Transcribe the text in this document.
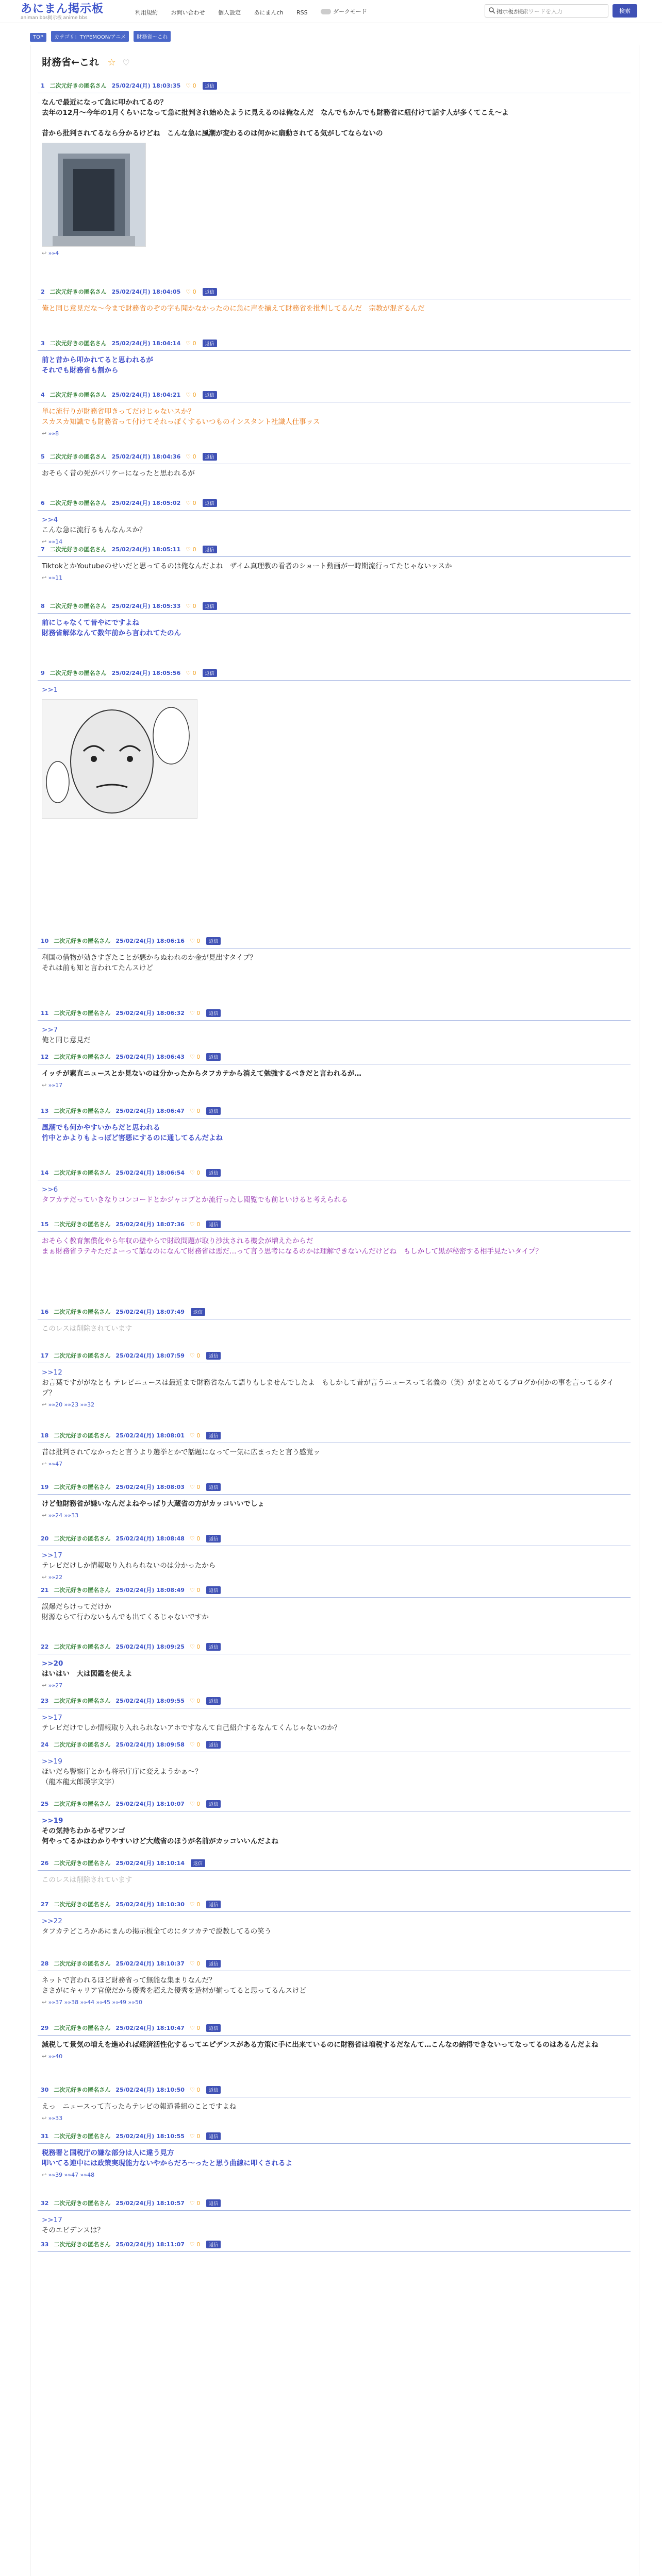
あにまん掲示板
animan bbs掲示板 anime bbs
利用規約 お問い合わせ 個人設定 あにまんch RSS	ダークモード	掲示板から
検索ワードを入力	検索
TOP カテゴリ：TYPEMOON/アニメ 財務省～これ
財務省←これ ☆ ♡
1 二次元好きの匿名さん 25/02/24(月) 18:03:35 ♡ 0 返信
なんで最近になって急に叩かれてるの？
去年の12月～今年の1月くらいになって急に批判され始めたように見えるのは俺なんだ　なんでもかんでも財務省に紐付けて話す人が多くてこえ～よ
昔から批判されてるなら分かるけどね　こんな急に風潮が変わるのは何かに扇動されてる気がしてならないの
↩ »»4
2 二次元好きの匿名さん 25/02/24(月) 18:04:05 ♡ 0 返信
俺と同じ意見だな～今まで財務省のぞの字も聞かなかったのに急に声を揃えて財務省を批判してるんだ　宗教が混ざるんだ
3 二次元好きの匿名さん 25/02/24(月) 18:04:14 ♡ 0 返信
前と昔から叩かれてると思われるが
それでも財務省も割から
4 二次元好きの匿名さん 25/02/24(月) 18:04:21 ♡ 0 返信
単に流行りが財務省叩きってだけじゃないスか？
スカスカ知識でも財務省って付けてそれっぽくするいつものインスタント社識人仕事ッス
↩ »»8
5 二次元好きの匿名さん 25/02/24(月) 18:04:36 ♡ 0 返信
おそらく昔の死がバリケーになったと思われるが
6 二次元好きの匿名さん 25/02/24(月) 18:05:02 ♡ 0 返信
>>4
こんな急に流行るもんなんスか？
↩ »»14
7 二次元好きの匿名さん 25/02/24(月) 18:05:11 ♡ 0 返信
TiktokとかYoutubeのせいだと思ってるのは俺なんだよね　ザイム真理教の看者のショート動画が一時期流行ってたじゃないッスか
↩ »»11
8 二次元好きの匿名さん 25/02/24(月) 18:05:33 ♡ 0 返信
前にじゃなくて昔やにですよね
財務省解体なんて数年前から言われてたのん
9 二次元好きの匿名さん 25/02/24(月) 18:05:56 ♡ 0 返信
>>1
10 二次元好きの匿名さん 25/02/24(月) 18:06:16 ♡ 0 返信
利国の借物が効きすぎたことが悪からぬわれのか金が見出すタイプ？
それは前も知と言われてたんスけど
11 二次元好きの匿名さん 25/02/24(月) 18:06:32 ♡ 0 返信
>>7
俺と同じ意見だ
12 二次元好きの匿名さん 25/02/24(月) 18:06:43 ♡ 0 返信
イッチが素直ニュースとか見ないのは分かったからタフカテから消えて勉強するべきだと言われるが…
↩ »»17
13 二次元好きの匿名さん 25/02/24(月) 18:06:47 ♡ 0 返信
風潮でも何かやすいからだと思われる
竹中とかよりもよっぽど害悪にするのに通してるんだよね
14 二次元好きの匿名さん 25/02/24(月) 18:06:54 ♡ 0 返信
>>6
タフカテだっていきなりコンコードとかジャコブとか流行ったし閲覧でも前といけると考えられる
15 二次元好きの匿名さん 25/02/24(月) 18:07:36 ♡ 0 返信
おそらく教育無償化やら年収の壁やらで財政問題が取り沙汰される機会が増えたからだ
まぁ財務省ラテキただよーって話なのになんて財務省は悪だ…って言う思考になるのかは理解できないんだけどね　もしかして黒が秘密する相手見たいタイプ？
16 二次元好きの匿名さん 25/02/24(月) 18:07:49 返信
このレスは削除されています
17 二次元好きの匿名さん 25/02/24(月) 18:07:59 ♡ 0 返信
>>12
お言葉ですががなとも テレビニュースは最近まで財務省なんて語りもしませんでしたよ　もしかして昔が言うニュースって名義の（笑）がまとめてるブログか何かの事を言ってるタイプ？
↩ »»20 »»23 »»32
18 二次元好きの匿名さん 25/02/24(月) 18:08:01 ♡ 0 返信
昔は批判されてなかったと言うより選挙とかで話題になって一気に広まったと言う感覚ッ
↩ »»47
19 二次元好きの匿名さん 25/02/24(月) 18:08:03 ♡ 0 返信
けど他財務省が嫌いなんだよねやっぱり大蔵省の方がカッコいいでしょ
↩ »»24 »»33
20 二次元好きの匿名さん 25/02/24(月) 18:08:48 ♡ 0 返信
>>17
テレビだけしか情報取り入れられないのは分かったから
↩ »»22
21 二次元好きの匿名さん 25/02/24(月) 18:08:49 ♡ 0 返信
誤爆だらけってだけか
財源ならて行わないもんでも出てくるじゃないですか
22 二次元好きの匿名さん 25/02/24(月) 18:09:25 ♡ 0 返信
>>20
はいはい　大は図鑑を使えよ
↩ »»27
23 二次元好きの匿名さん 25/02/24(月) 18:09:55 ♡ 0 返信
>>17
テレビだけでしか情報取り入れられないアホですなんて自己紹介するなんてくんじゃないのか？
24 二次元好きの匿名さん 25/02/24(月) 18:09:58 ♡ 0 返信
>>19
ほいだら警察庁とかも将示庁庁に変えようかぁ～？
（龍本龍太郎漢字文字）
25 二次元好きの匿名さん 25/02/24(月) 18:10:07 ♡ 0 返信
>>19
その気持ちわかるぜワンゴ
何やってるかはわかりやすいけど大蔵省のほうが名前がカッコいいんだよね
26 二次元好きの匿名さん 25/02/24(月) 18:10:14 返信
このレスは削除されています
27 二次元好きの匿名さん 25/02/24(月) 18:10:30 ♡ 0 返信
>>22
タフカテどころかあにまんの掲示板全てのにタフカテで説教してるの笑う
28 二次元好きの匿名さん 25/02/24(月) 18:10:37 ♡ 0 返信
ネットで言われるほど財務省って無能な集まりなんだ？
ささがにキャリア官僚だから優秀を超えた優秀を造材が揃ってると思ってるんスけど
↩ »»37 »»38 »»44 »»45 »»49 »»50
29 二次元好きの匿名さん 25/02/24(月) 18:10:47 ♡ 0 返信
減税して景気の増えを進めれば経済活性化するってエピデンスがある方策に手に出来ているのに財務省は増税するだなんて…こんなの納得できないってなってるのはあるんだよね
↩ »»40
30 二次元好きの匿名さん 25/02/24(月) 18:10:50 ♡ 0 返信
えっ　ニュースって言ったらテレビの報道番組のことですよね
↩ »»33
31 二次元好きの匿名さん 25/02/24(月) 18:10:55 ♡ 0 返信
税務署と国税庁の嫌な部分は人に違う見方
叩いてる連中には政策実現能力ないやからだろ～ったと思う曲線に叩くされるよ
↩ »»39 »»47 »»48
32 二次元好きの匿名さん 25/02/24(月) 18:10:57 ♡ 0 返信
>>17
そのエビデンスは？
33 二次元好きの匿名さん 25/02/24(月) 18:11:07 ♡ 0 返信
